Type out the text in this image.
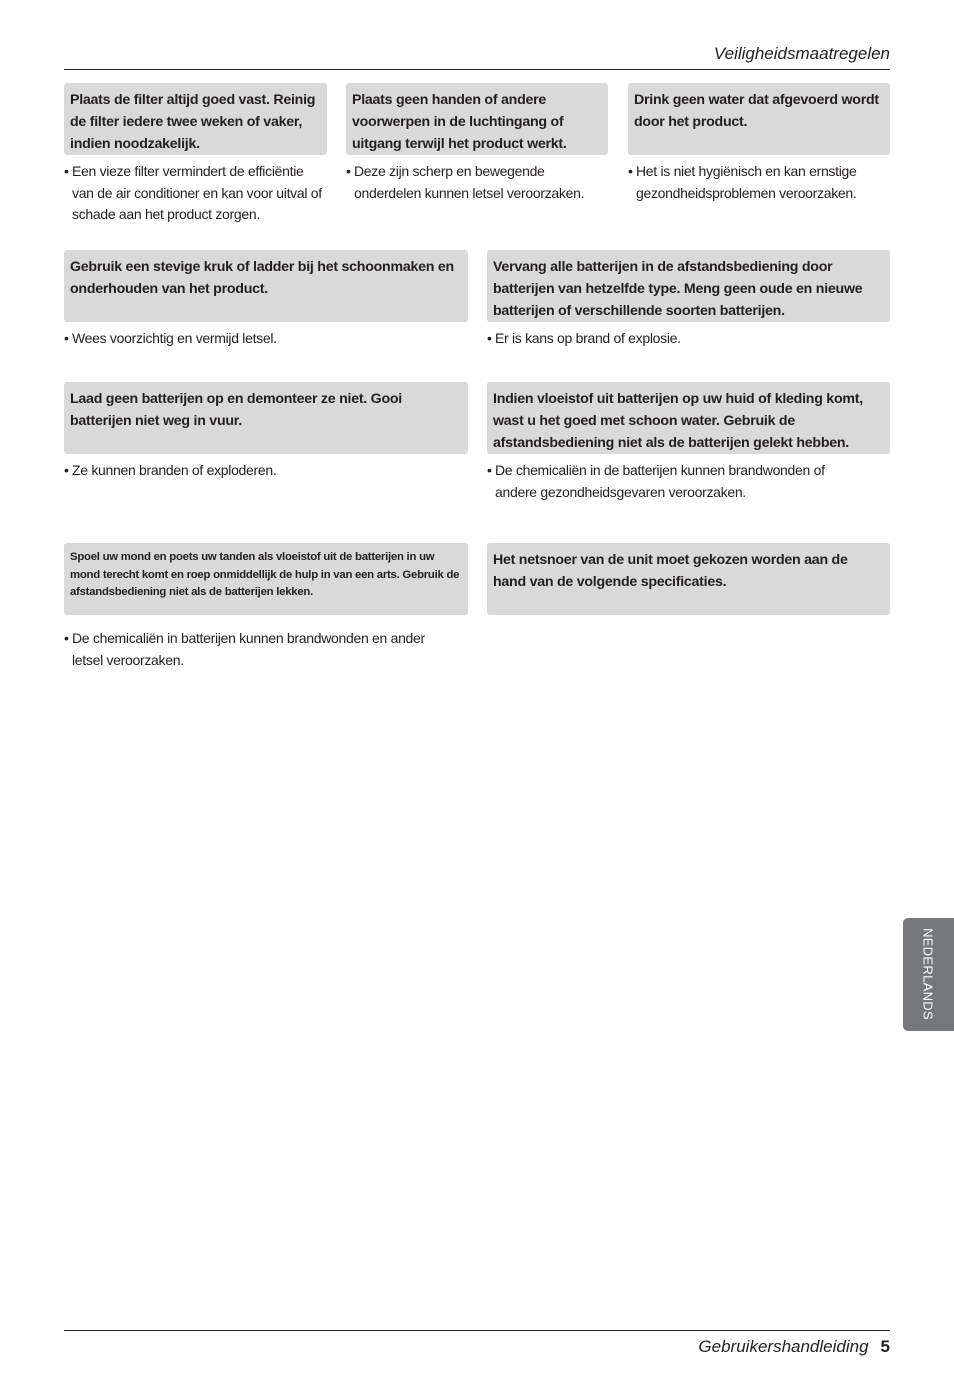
Veiligheidsmaatregelen
Plaats de filter altijd goed vast. Reinig de filter iedere twee weken of vaker, indien noodzakelijk.
• Een vieze filter vermindert de efficiëntie van de air conditioner en kan voor uitval of schade aan het product zorgen.
Plaats geen handen of andere voorwerpen in de luchtingang of uitgang terwijl het product werkt.
• Deze zijn scherp en bewegende onderdelen kunnen letsel veroorzaken.
Drink geen water dat afgevoerd wordt door het product.
• Het is niet hygiënisch en kan ernstige gezondheidsproblemen veroorzaken.
Gebruik een stevige kruk of ladder bij het schoonmaken en onderhouden van het product.
• Wees voorzichtig en vermijd letsel.
Vervang alle batterijen in de afstandsbediening door batterijen van hetzelfde type. Meng geen oude en nieuwe batterijen of verschillende soorten batterijen.
• Er is kans op brand of explosie.
Laad geen batterijen op en demonteer ze niet. Gooi batterijen niet weg in vuur.
• Ze kunnen branden of exploderen.
Indien vloeistof uit batterijen op uw huid of kleding komt, wast u het goed met schoon water. Gebruik de afstandsbediening niet als de batterijen gelekt hebben.
• De chemicaliën in de batterijen kunnen brandwonden of andere gezondheidsgevaren veroorzaken.
Spoel uw mond en poets uw tanden als vloeistof uit de batterijen in uw mond terecht komt en roep onmiddellijk de hulp in van een arts. Gebruik de afstandsbediening niet als de batterijen lekken.
• De chemicaliën in batterijen kunnen brandwonden en ander letsel veroorzaken.
Het netsnoer van de unit moet gekozen worden aan de hand van de volgende specificaties.
NEDERLANDS
Gebruikershandleiding 5
